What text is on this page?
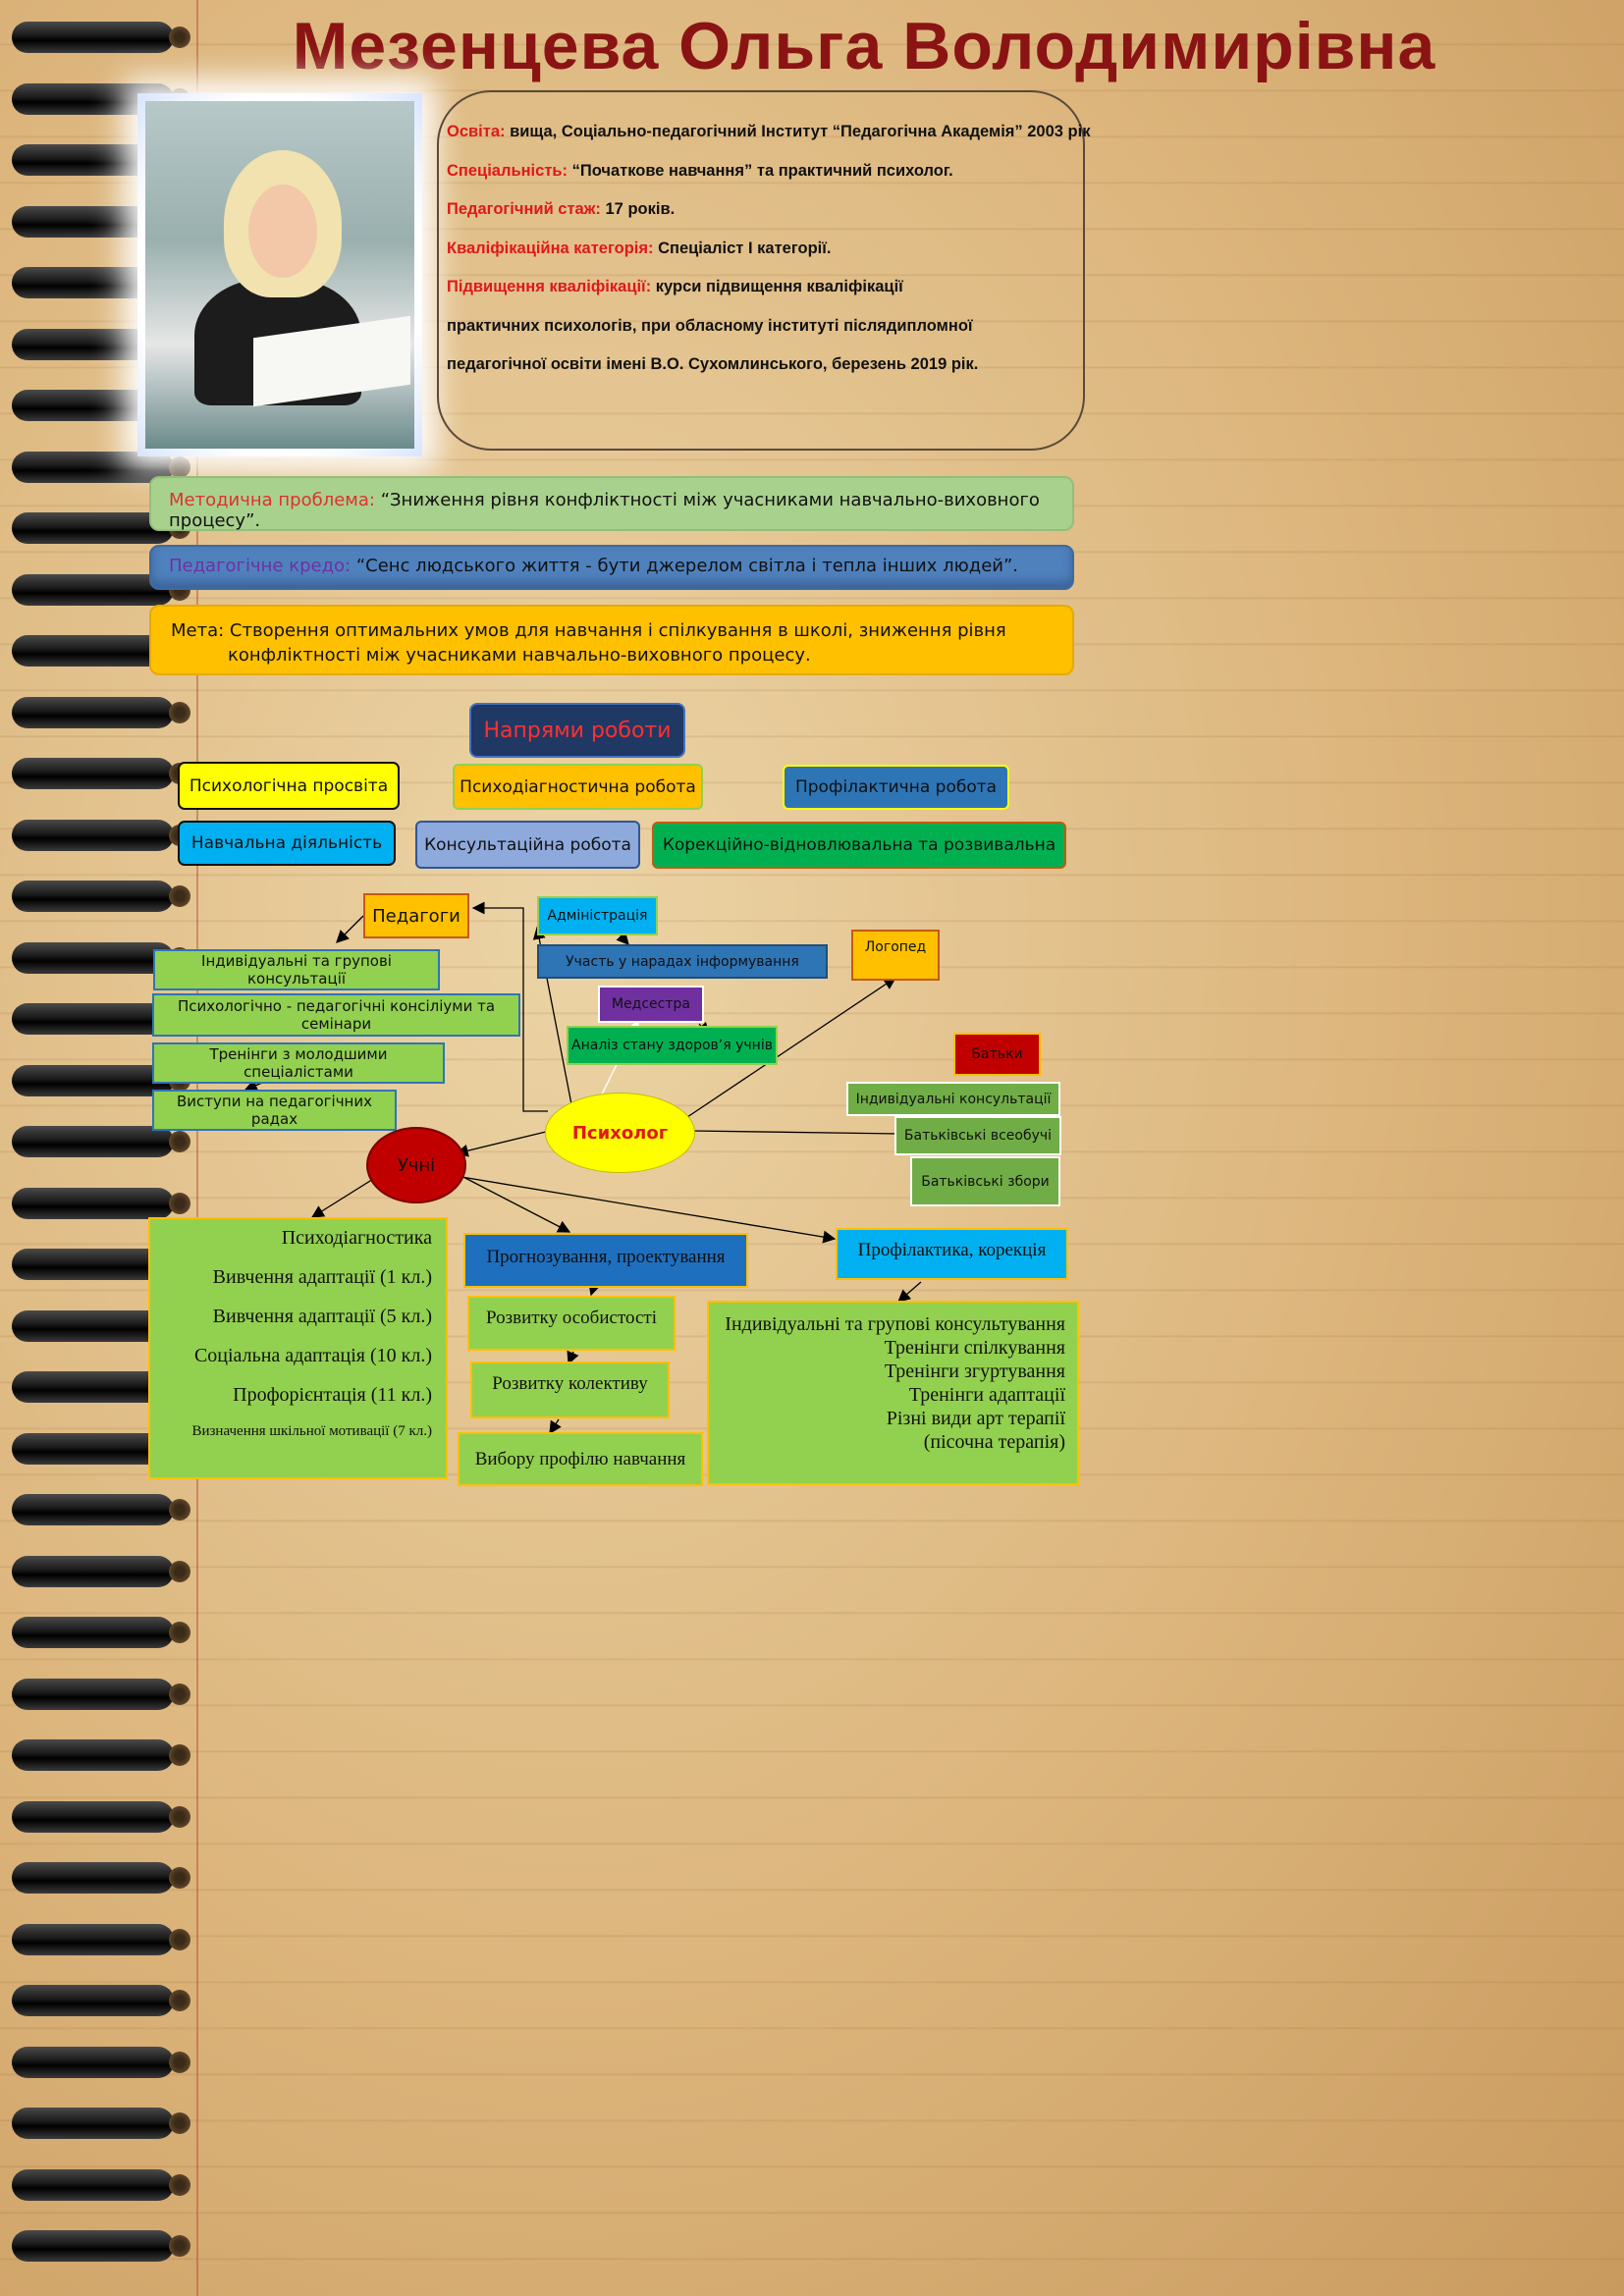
Мезенцева Ольга Володимирівна

Освіта: вища, Соціально-педагогічний Інститут “Педагогічна Академія” 2003 рік

Спеціальність: “Початкове навчання” та практичний психолог.

Педагогічний стаж: 17 років.

Кваліфікаційна категорія: Спеціаліст І категорії.

Підвищення кваліфікації: курси підвищення кваліфікації

практичних психологів, при обласному інституті післядипломної

педагогічної освіти імені В.О. Сухомлинського, березень 2019 рік.

Методична проблема: “Зниження рівня конфліктності між учасниками навчально-виховного процесу”.
Педагогічне кредо: “Сенс людського життя - бути джерелом світла і тепла інших людей”.
Мета: Створення оптимальних умов для навчання і спілкування в школі, зниження рівня
конфліктності між учасниками навчально-виховного процесу.
Напрями роботи
Психологічна просвіта	Психодіагностична робота	Профілактична робота
Навчальна діяльність	Консультаційна робота	Корекційно-відновлювальна та розвивальна
Педагоги
Індивідуальні та групові консультації
Психологічно - педагогічні консіліуми та семінари
Тренінги з молодшими спеціалістами
Виступи на педагогічних радах
Адміністрація
Участь у нарадах інформування
Медсестра
Аналіз стану здоровʼя учнів
Логопед
Батьки
Індивідуальні консультації
Батьківські всеобучі
Батьківські збори
Психолог
Учні
Психодіагностика
Вивчення адаптації (1 кл.)
Вивчення адаптації (5 кл.)
Соціальна адаптація (10 кл.)
Профорієнтація (11 кл.)
Визначення шкільної мотивації (7 кл.)
Прогнозування, проектування
Розвитку особистості
Розвитку колективу
Вибору профілю навчання
Профілактика, корекція
Індивідуальні та групові консультування
Тренінги спілкування
Тренінги згуртування
Тренінги адаптації
Різні види арт терапії
(пісочна терапія)
